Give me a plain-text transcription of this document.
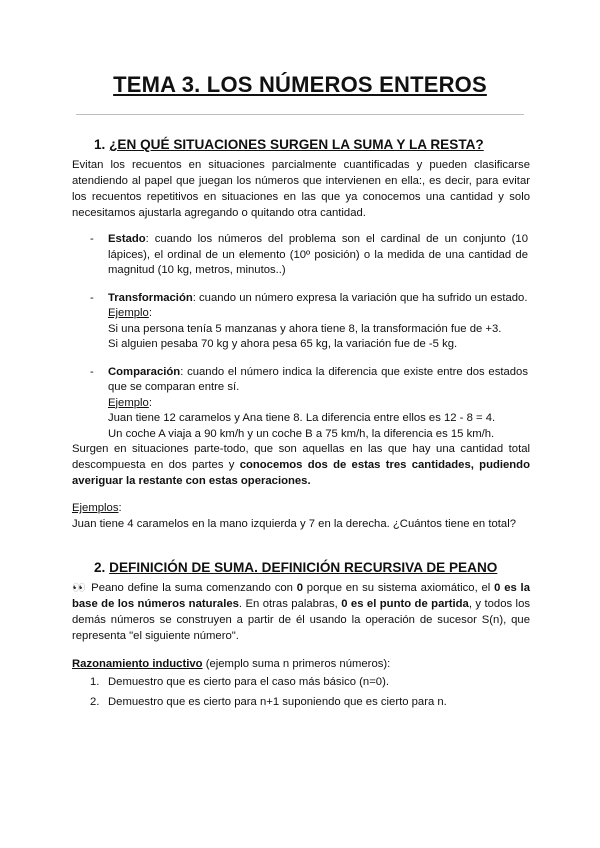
TEMA 3. LOS NÚMEROS ENTEROS
1. ¿EN QUÉ SITUACIONES SURGEN LA SUMA Y LA RESTA?

Evitan los recuentos en situaciones parcialmente cuantificadas y pueden clasificarse atendiendo al papel que juegan los números que intervienen en ella:, es decir, para evitar los recuentos repetitivos en situaciones en las que ya conocemos una cantidad y solo necesitamos ajustarla agregando o quitando otra cantidad.

- Estado: cuando los números del problema son el cardinal de un conjunto (10 lápices), el ordinal de un elemento (10º posición) o la medida de una cantidad de magnitud (10 kg, metros, minutos..)
- Transformación: cuando un número expresa la variación que ha sufrido un estado.
Ejemplo:
Si una persona tenía 5 manzanas y ahora tiene 8, la transformación fue de +3.
Si alguien pesaba 70 kg y ahora pesa 65 kg, la variación fue de -5 kg.
- Comparación: cuando el número indica la diferencia que existe entre dos estados que se comparan entre sí.
Ejemplo:
Juan tiene 12 caramelos y Ana tiene 8. La diferencia entre ellos es 12 - 8 = 4.
Un coche A viaja a 90 km/h y un coche B a 75 km/h, la diferencia es 15 km/h.

Surgen en situaciones parte-todo, que son aquellas en las que hay una cantidad total descompuesta en dos partes y conocemos dos de estas tres cantidades, pudiendo averiguar la restante con estas operaciones.

Ejemplos:
Juan tiene 4 caramelos en la mano izquierda y 7 en la derecha. ¿Cuántos tiene en total?

2. DEFINICIÓN DE SUMA. DEFINICIÓN RECURSIVA DE PEANO

👀 Peano define la suma comenzando con 0 porque en su sistema axiomático, el 0 es la base de los números naturales. En otras palabras, 0 es el punto de partida, y todos los demás números se construyen a partir de él usando la operación de sucesor S(n), que representa "el siguiente número".

Razonamiento inductivo (ejemplo suma n primeros números):

1. Demuestro que es cierto para el caso más básico (n=0).
2. Demuestro que es cierto para n+1 suponiendo que es cierto para n.
